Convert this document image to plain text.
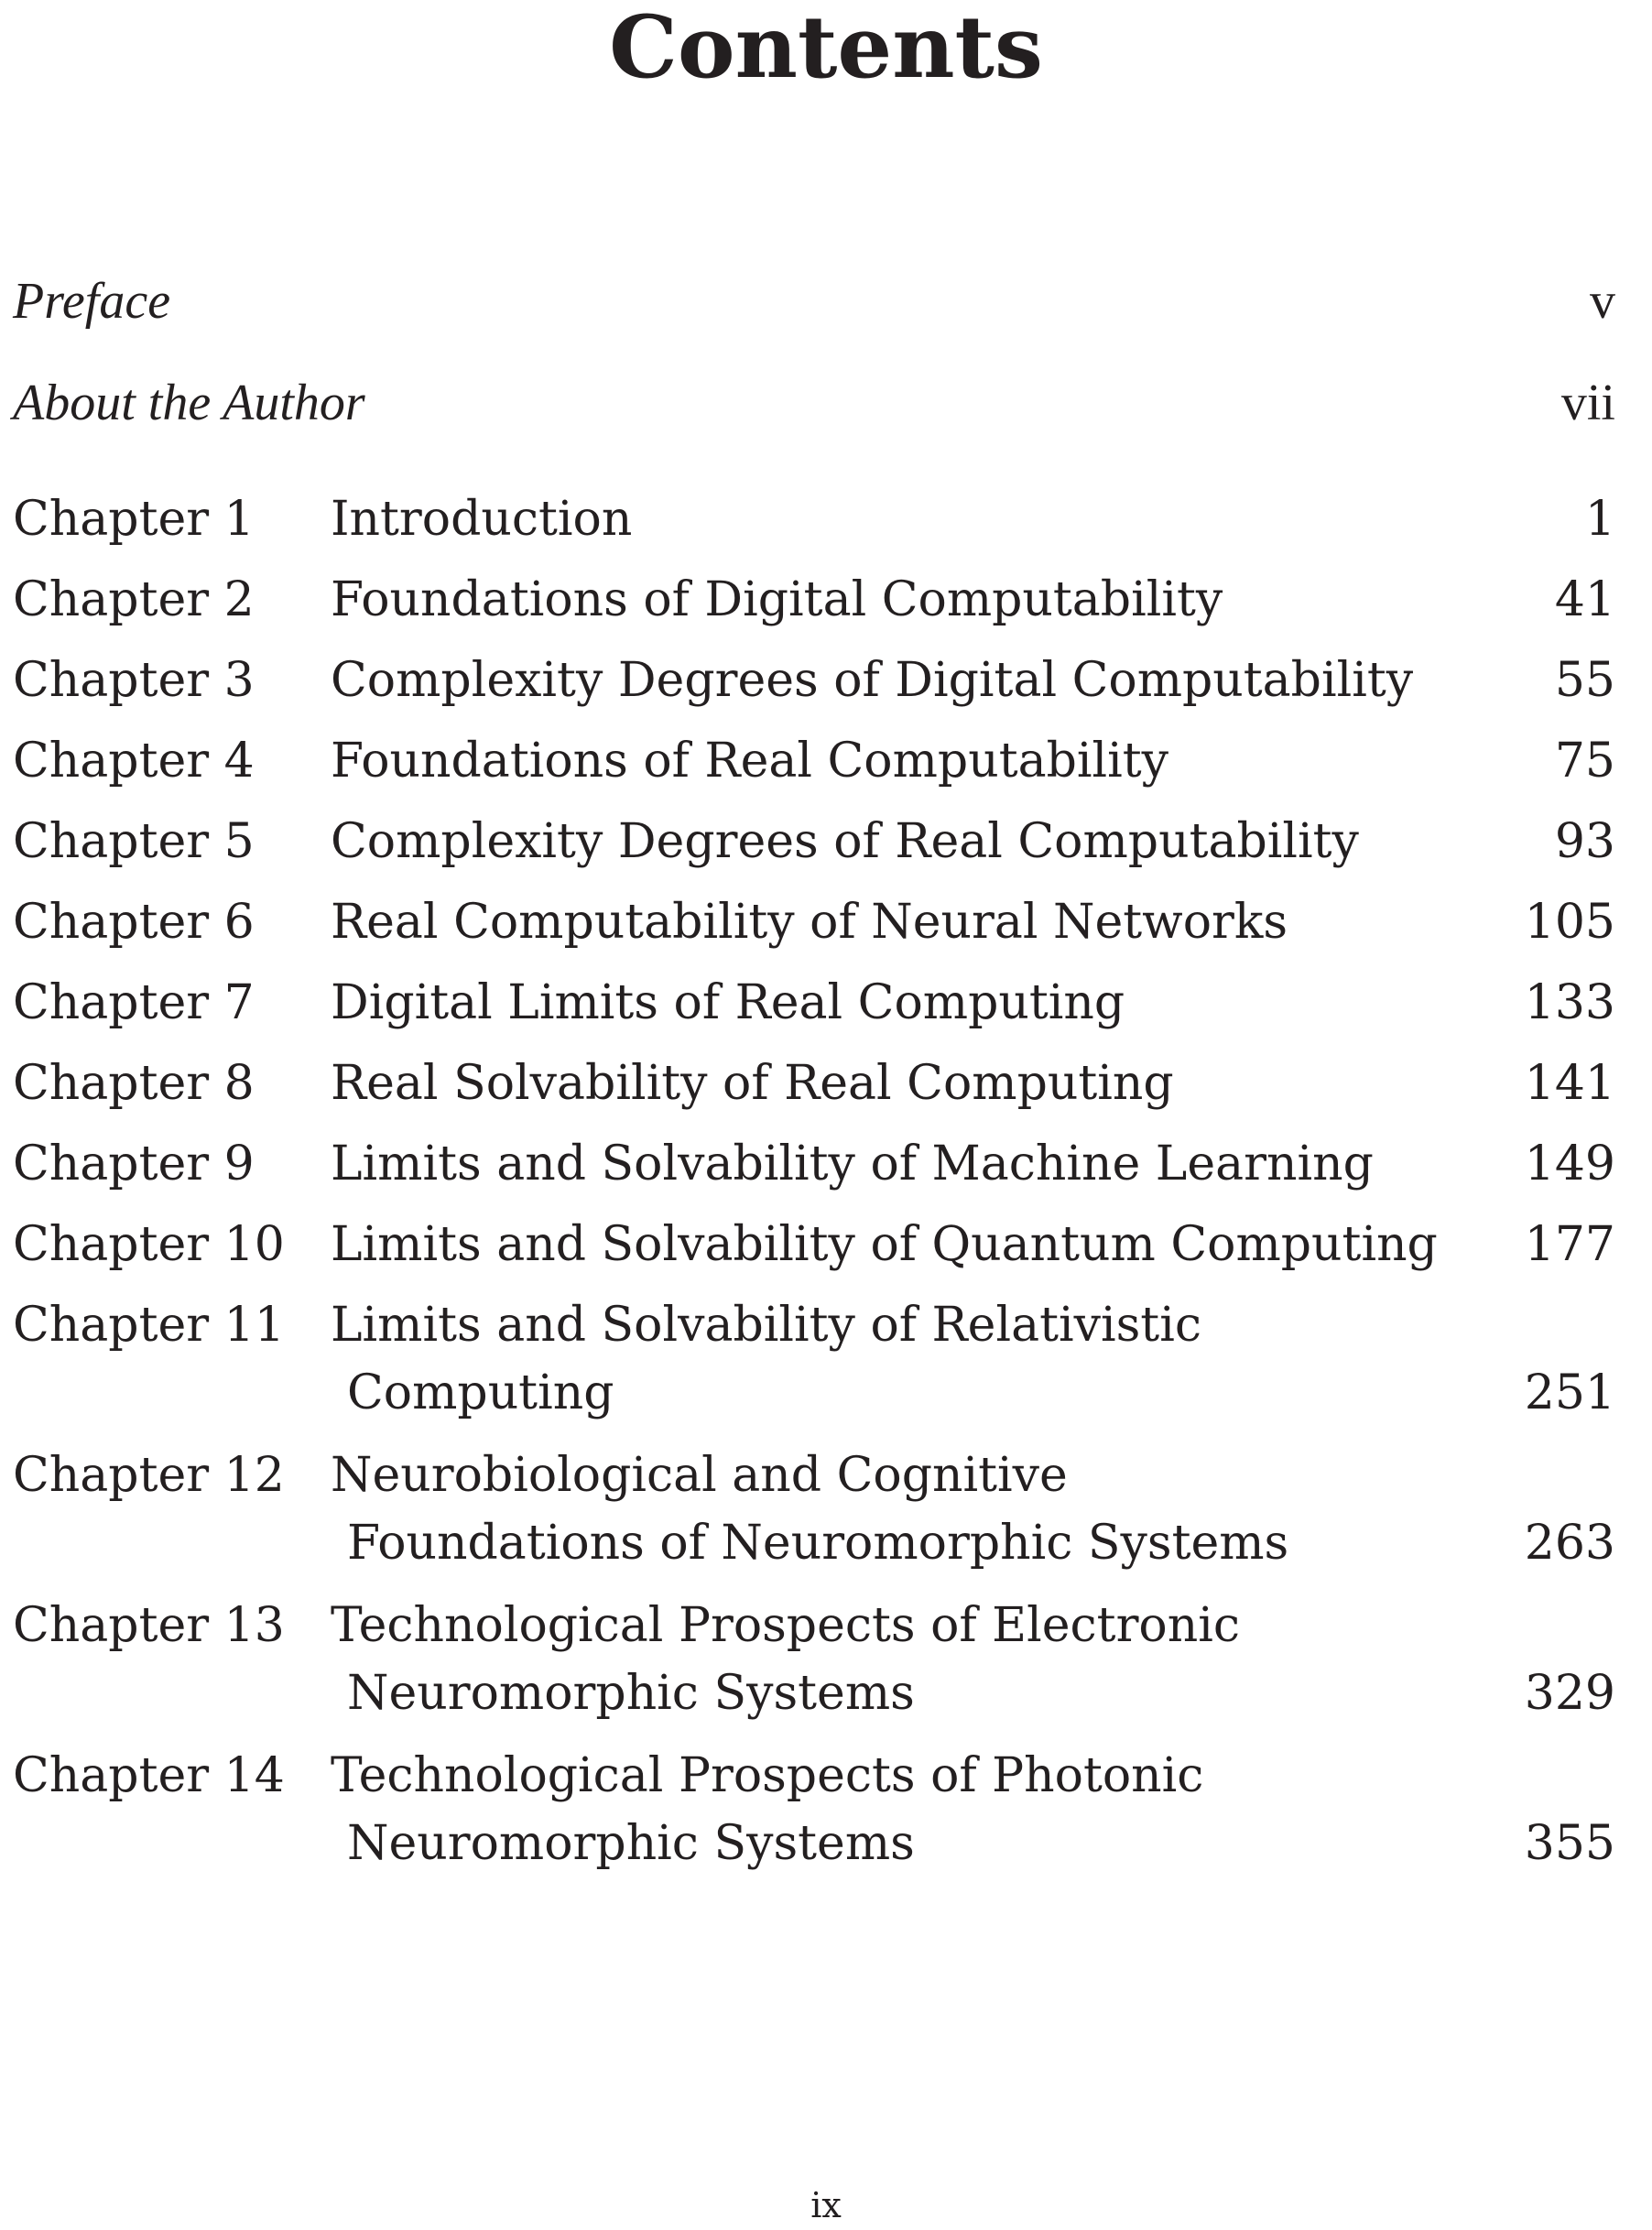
Contents
Preface	v
About the Author	vii
Chapter 1 Introduction	1
Chapter 2 Foundations of Digital Computability	41
Chapter 3 Complexity Degrees of Digital Computability	55
Chapter 4 Foundations of Real Computability	75
Chapter 5 Complexity Degrees of Real Computability	93
Chapter 6 Real Computability of Neural Networks	105
Chapter 7 Digital Limits of Real Computing	133
Chapter 8 Real Solvability of Real Computing	141
Chapter 9 Limits and Solvability of Machine Learning	149
Chapter 10 Limits and Solvability of Quantum Computing	177
Chapter 11 Limits and Solvability of Relativistic
Computing	251
Chapter 12 Neurobiological and Cognitive
Foundations of Neuromorphic Systems	263
Chapter 13 Technological Prospects of Electronic
Neuromorphic Systems	329
Chapter 14 Technological Prospects of Photonic
Neuromorphic Systems	355
ix
